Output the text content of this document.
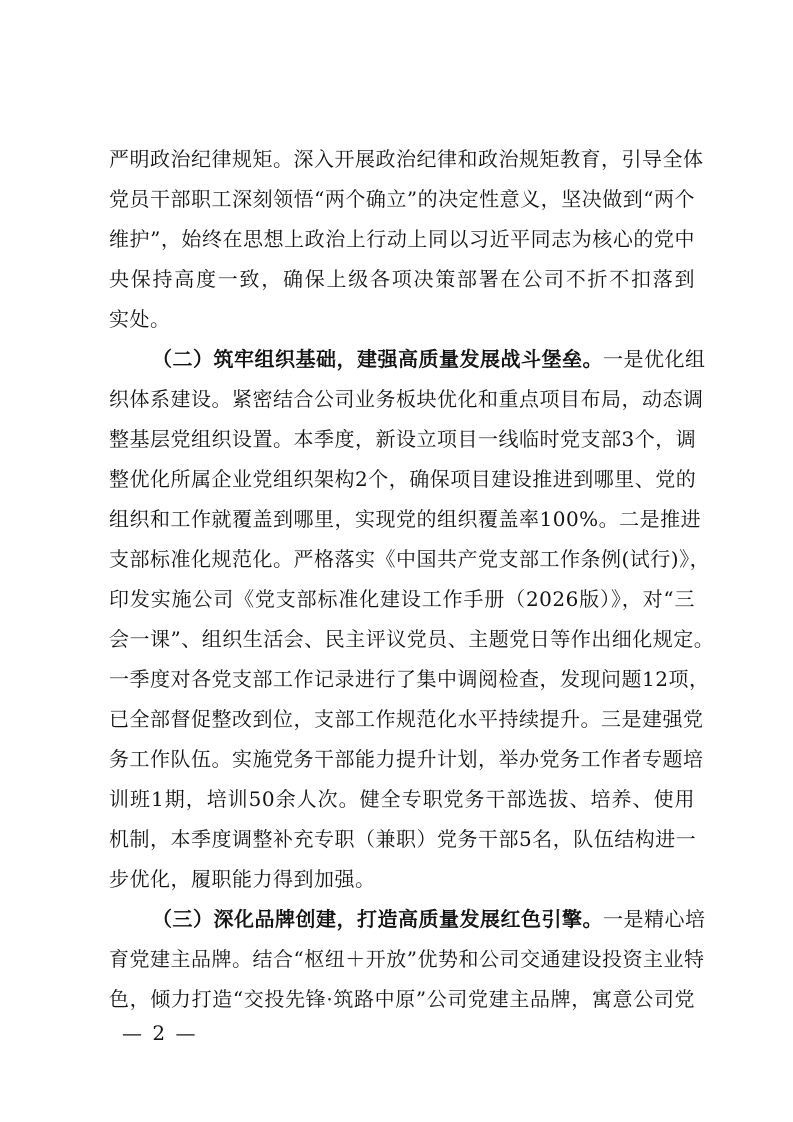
严明政治纪律规矩。深入开展政治纪律和政治规矩教育，引导全体
党员干部职工深刻领悟“两个确立”的决定性意义，坚决做到“两个
维护”，始终在思想上政治上行动上同以习近平同志为核心的党中
央保持高度一致，确保上级各项决策部署在公司不折不扣落到
实处。
（二）筑牢组织基础，建强高质量发展战斗堡垒。一是优化组
织体系建设。紧密结合公司业务板块优化和重点项目布局，动态调
整基层党组织设置。本季度，新设立项目一线临时党支部3个，调
整优化所属企业党组织架构2个，确保项目建设推进到哪里、党的
组织和工作就覆盖到哪里，实现党的组织覆盖率100%。二是推进
支部标准化规范化。严格落实《中国共产党支部工作条例(试行)》，
印发实施公司《党支部标准化建设工作手册（2026版）》，对“三
会一课”、组织生活会、民主评议党员、主题党日等作出细化规定。
一季度对各党支部工作记录进行了集中调阅检查，发现问题12项，
已全部督促整改到位，支部工作规范化水平持续提升。三是建强党
务工作队伍。实施党务干部能力提升计划，举办党务工作者专题培
训班1期，培训50余人次。健全专职党务干部选拔、培养、使用
机制，本季度调整补充专职（兼职）党务干部5名，队伍结构进一
步优化，履职能力得到加强。
（三）深化品牌创建，打造高质量发展红色引擎。一是精心培
育党建主品牌。结合“枢纽＋开放”优势和公司交通建设投资主业特
色，倾力打造“交投先锋·筑路中原”公司党建主品牌，寓意公司党
— 2 —
